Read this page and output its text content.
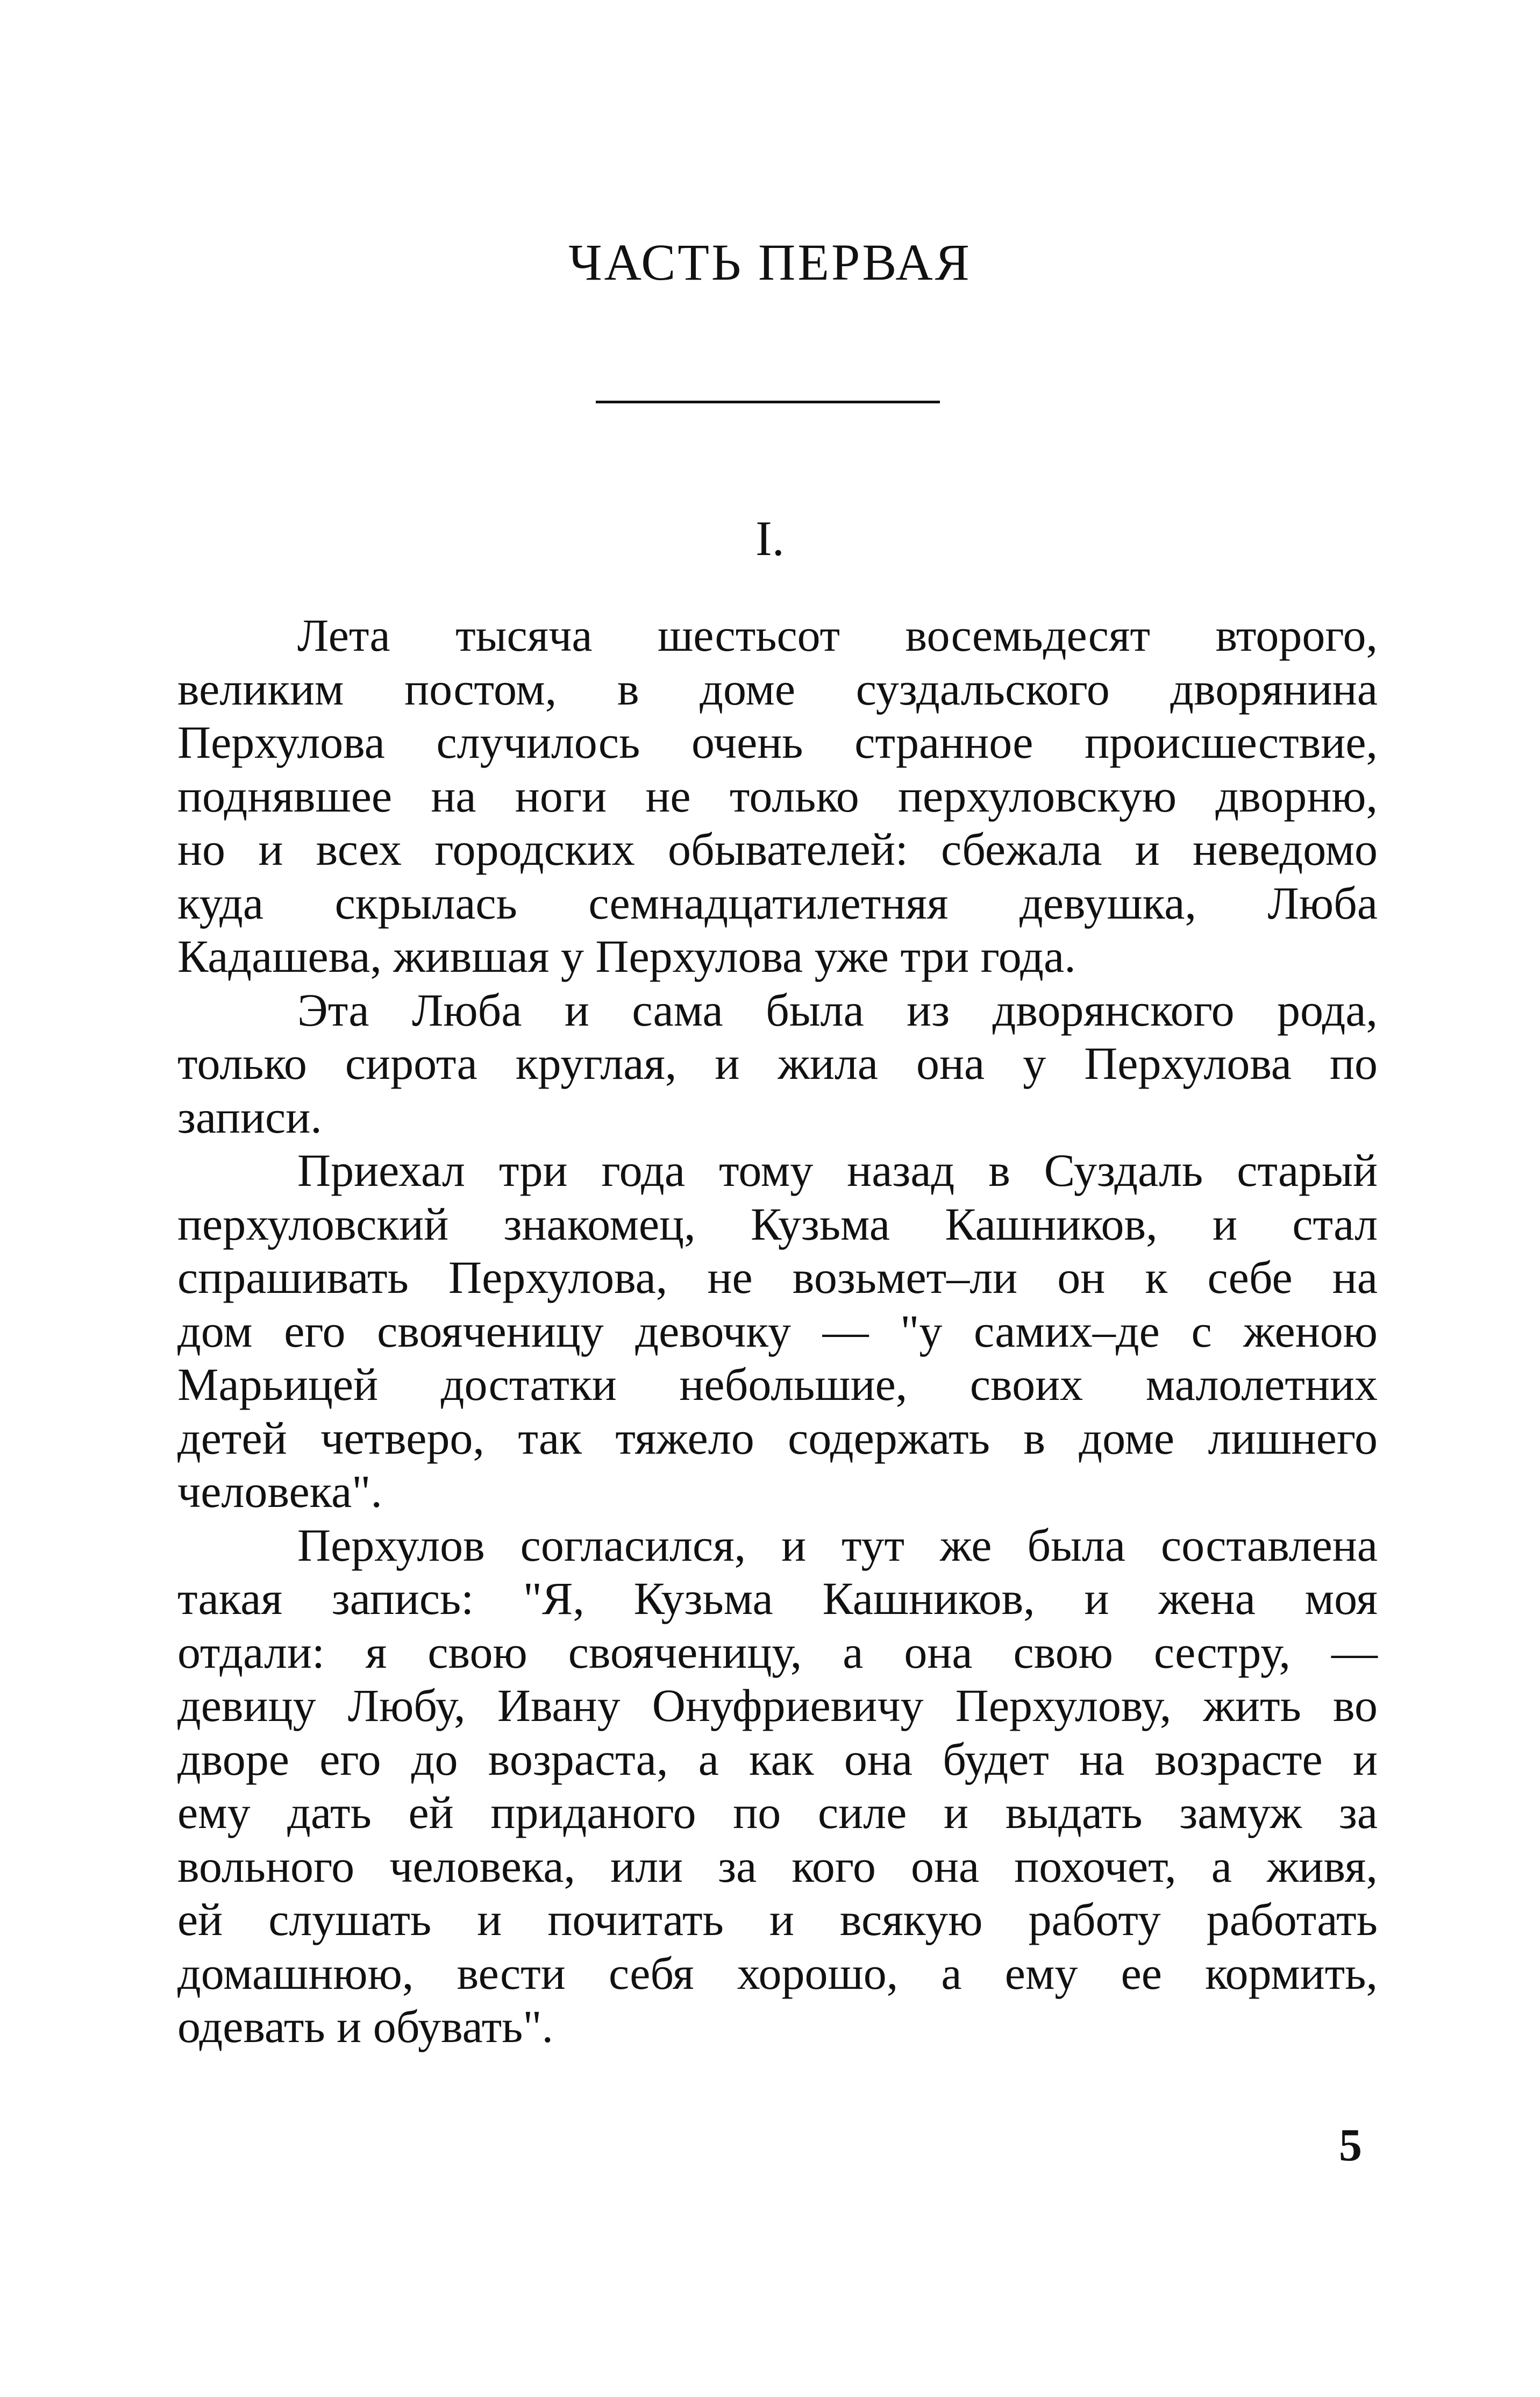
ЧАСТЬ ПЕРВАЯ
I.
Лета тысяча шестьсот восемьдесят второго,
великим постом, в доме суздальского дворянина
Перхулова случилось очень странное происшествие,
поднявшее на ноги не только перхуловскую дворню,
но и всех городских обывателей: сбежала и неведомо
куда скрылась семнадцатилетняя девушка, Люба
Кадашева, жившая у Перхулова уже три года.
Эта Люба и сама была из дворянского рода,
только сирота круглая, и жила она у Перхулова по
записи.
Приехал три года тому назад в Суздаль старый
перхуловский знакомец, Кузьма Кашников, и стал
спрашивать Перхулова, не возьмет–ли он к себе на
дом его свояченицу девочку — "у самих–де с женою
Марьицей достатки небольшие, своих малолетних
детей четверо, так тяжело содержать в доме лишнего
человека".
Перхулов согласился, и тут же была составлена
такая запись: "Я, Кузьма Кашников, и жена моя
отдали: я свою свояченицу, а она свою сестру, —
девицу Любу, Ивану Онуфриевичу Перхулову, жить во
дворе его до возраста, а как она будет на возрасте и
ему дать ей приданого по силе и выдать замуж за
вольного человека, или за кого она похочет, а живя,
ей слушать и почитать и всякую работу работать
домашнюю, вести себя хорошо, а ему ее кормить,
одевать и обувать".
5
